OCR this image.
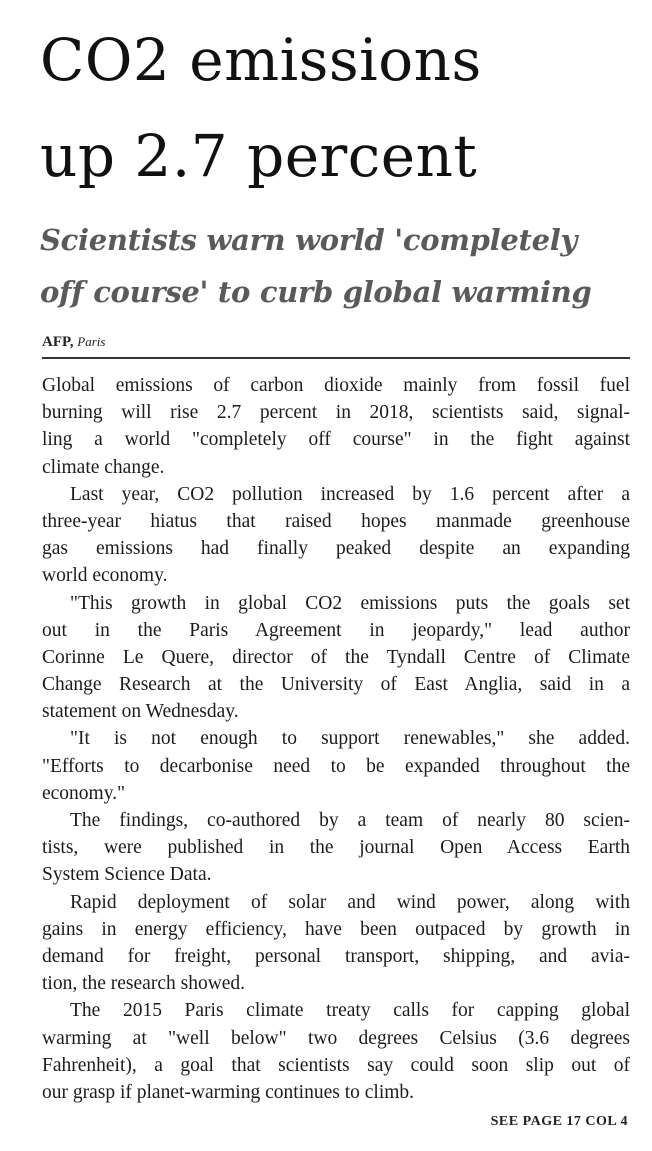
CO2 emissions
up 2.7 percent
Scientists warn world 'completely
off course' to curb global warming
AFP, Paris
Global emissions of carbon dioxide mainly from fossil fuel
burning will rise 2.7 percent in 2018, scientists said, signal-
ling a world "completely off course" in the fight against
climate change.
Last year, CO2 pollution increased by 1.6 percent after a
three-year hiatus that raised hopes manmade greenhouse
gas emissions had finally peaked despite an expanding
world economy.
"This growth in global CO2 emissions puts the goals set
out in the Paris Agreement in jeopardy," lead author
Corinne Le Quere, director of the Tyndall Centre of Climate
Change Research at the University of East Anglia, said in a
statement on Wednesday.
"It is not enough to support renewables," she added.
"Efforts to decarbonise need to be expanded throughout the
economy."
The findings, co-authored by a team of nearly 80 scien-
tists, were published in the journal Open Access Earth
System Science Data.
Rapid deployment of solar and wind power, along with
gains in energy efficiency, have been outpaced by growth in
demand for freight, personal transport, shipping, and avia-
tion, the research showed.
The 2015 Paris climate treaty calls for capping global
warming at "well below" two degrees Celsius (3.6 degrees
Fahrenheit), a goal that scientists say could soon slip out of
our grasp if planet-warming continues to climb.
SEE PAGE 17 COL 4
